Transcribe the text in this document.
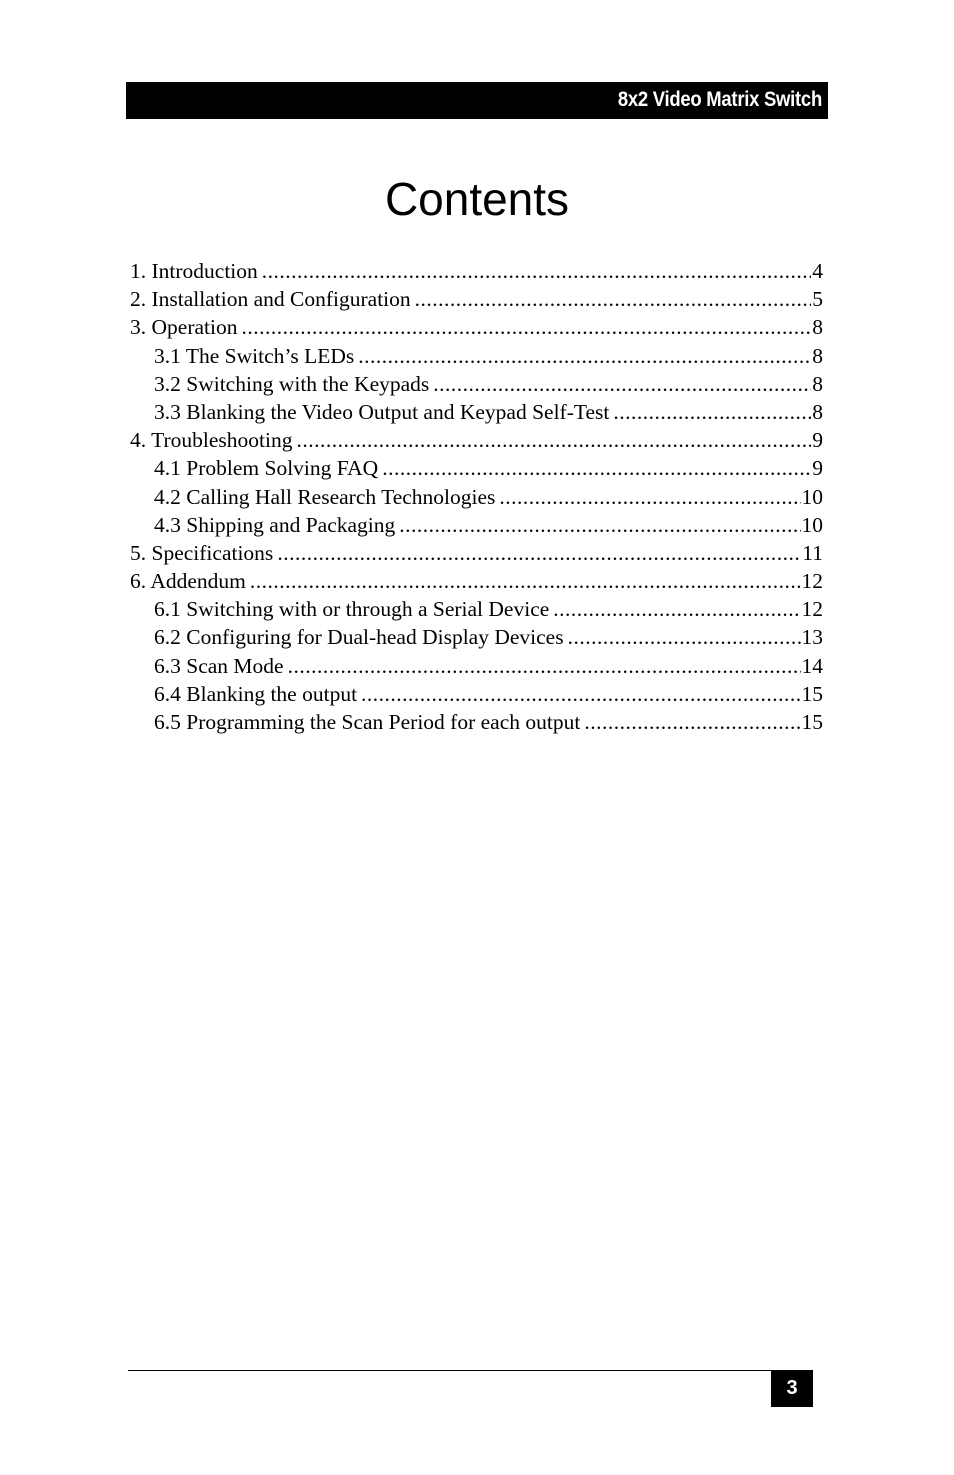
8x2 Video Matrix Switch
Contents
1. Introduction .....	4
2. Installation and Configuration .....	5
3. Operation .....	8
3.1 The Switch’s LEDs .....	8
3.2 Switching with the Keypads .....	8
3.3 Blanking the Video Output and Keypad Self-Test .....	8
4. Troubleshooting .....	9
4.1 Problem Solving FAQ .....	9
4.2 Calling Hall Research Technologies .....	10
4.3 Shipping and Packaging .....	10
5. Specifications .....	11
6. Addendum .....	12
6.1 Switching with or through a Serial Device .....	12
6.2 Configuring for Dual-head Display Devices .....	13
6.3 Scan Mode .....	14
6.4 Blanking the output .....	15
6.5 Programming the Scan Period for each output .....	15
3
